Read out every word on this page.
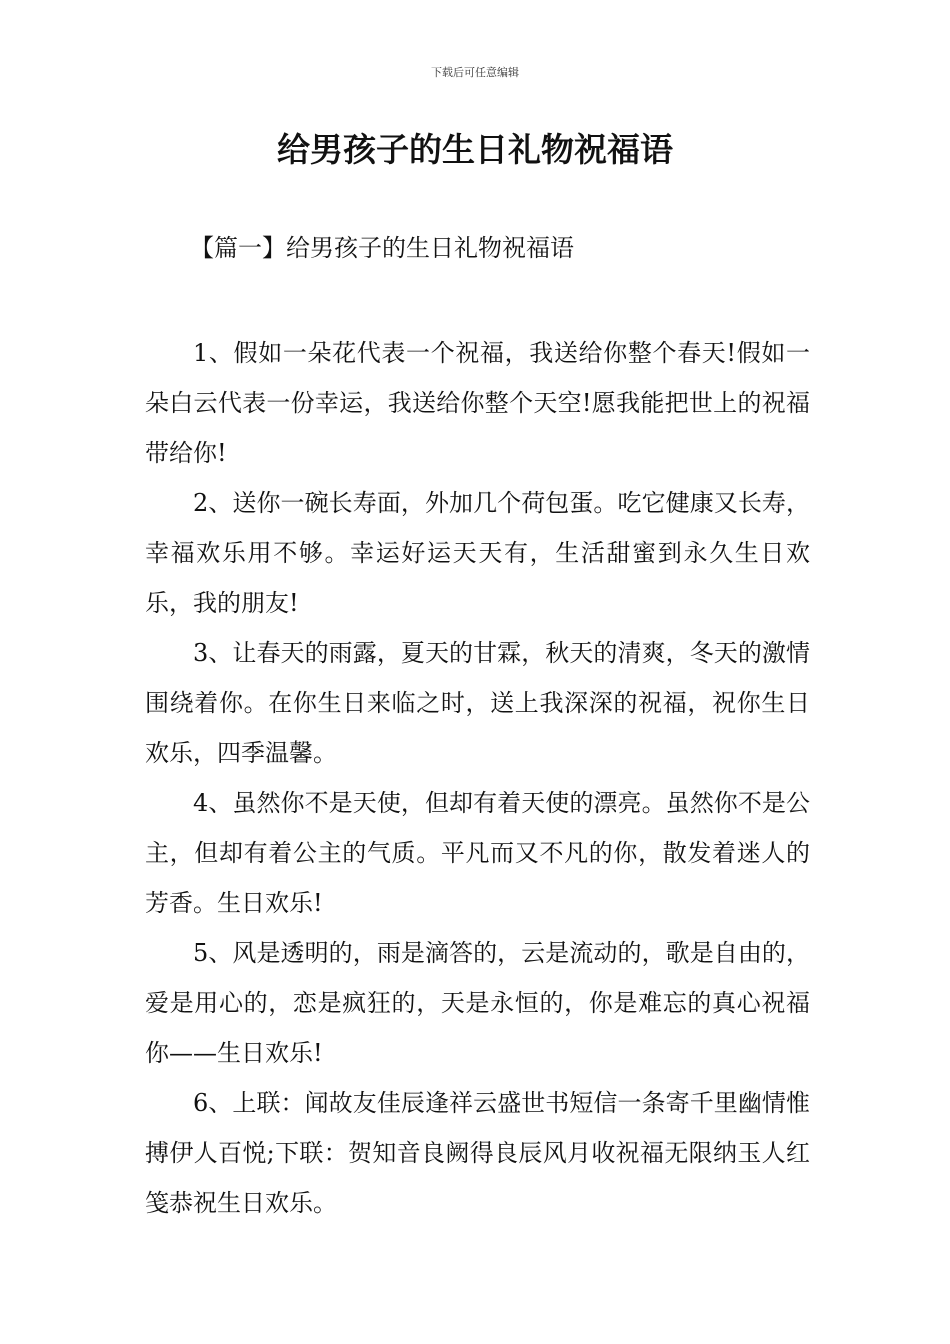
下载后可任意编辑
给男孩子的生日礼物祝福语
【篇一】给男孩子的生日礼物祝福语

1、假如一朵花代表一个祝福，我送给你整个春天!假如一朵白云代表一份幸运，我送给你整个天空!愿我能把世上的祝福带给你!

2、送你一碗长寿面，外加几个荷包蛋。吃它健康又长寿，幸福欢乐用不够。幸运好运天天有，生活甜蜜到永久生日欢乐，我的朋友!

3、让春天的雨露，夏天的甘霖，秋天的清爽，冬天的激情围绕着你。在你生日来临之时，送上我深深的祝福，祝你生日欢乐，四季温馨。

4、虽然你不是天使，但却有着天使的漂亮。虽然你不是公主，但却有着公主的气质。平凡而又不凡的你，散发着迷人的芳香。生日欢乐!

5、风是透明的，雨是滴答的，云是流动的，歌是自由的，爱是用心的，恋是疯狂的，天是永恒的，你是难忘的真心祝福你——生日欢乐!

6、上联：闻故友佳辰逢祥云盛世书短信一条寄千里幽情惟搏伊人百悦;下联：贺知音良阙得良辰风月收祝福无限纳玉人红笺恭祝生日欢乐。
